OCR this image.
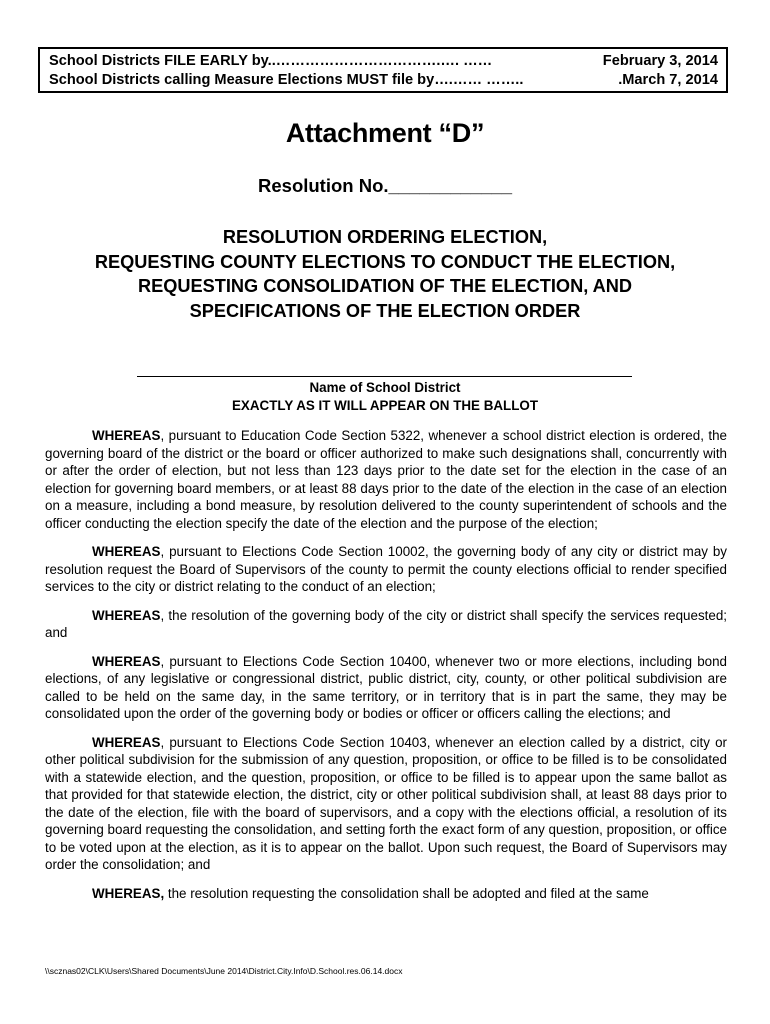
School Districts FILE EARLY by..…………………………….…. ……	February 3, 2014
School Districts calling Measure Elections MUST file by….…… ……..	.March 7, 2014
Attachment “D”
Resolution No.____________
RESOLUTION ORDERING ELECTION,
REQUESTING COUNTY ELECTIONS TO CONDUCT THE ELECTION,
REQUESTING CONSOLIDATION OF THE ELECTION, AND
SPECIFICATIONS OF THE ELECTION ORDER
Name of School District
EXACTLY AS IT WILL APPEAR ON THE BALLOT

WHEREAS, pursuant to Education Code Section 5322, whenever a school district election is ordered, the governing board of the district or the board or officer authorized to make such designations shall, concurrently with or after the order of election, but not less than 123 days prior to the date set for the election in the case of an election for governing board members, or at least 88 days prior to the date of the election in the case of an election on a measure, including a bond measure, by resolution delivered to the county superintendent of schools and the officer conducting the election specify the date of the election and the purpose of the election;

WHEREAS, pursuant to Elections Code Section 10002, the governing body of any city or district may by resolution request the Board of Supervisors of the county to permit the county elections official to render specified services to the city or district relating to the conduct of an election;

WHEREAS, the resolution of the governing body of the city or district shall specify the services requested; and

WHEREAS, pursuant to Elections Code Section 10400, whenever two or more elections, including bond elections, of any legislative or congressional district, public district, city, county, or other political subdivision are called to be held on the same day, in the same territory, or in territory that is in part the same, they may be consolidated upon the order of the governing body or bodies or officer or officers calling the elections; and

WHEREAS, pursuant to Elections Code Section 10403, whenever an election called by a district, city or other political subdivision for the submission of any question, proposition, or office to be filled is to be consolidated with a statewide election, and the question, proposition, or office to be filled is to appear upon the same ballot as that provided for that statewide election, the district, city or other political subdivision shall, at least 88 days prior to the date of the election, file with the board of supervisors, and a copy with the elections official, a resolution of its governing board requesting the consolidation, and setting forth the exact form of any question, proposition, or office to be voted upon at the election, as it is to appear on the ballot. Upon such request, the Board of Supervisors may order the consolidation; and

WHEREAS, the resolution requesting the consolidation shall be adopted and filed at the same

\\scznas02\CLK\Users\Shared Documents\June 2014\District.City.Info\D.School.res.06.14.docx
